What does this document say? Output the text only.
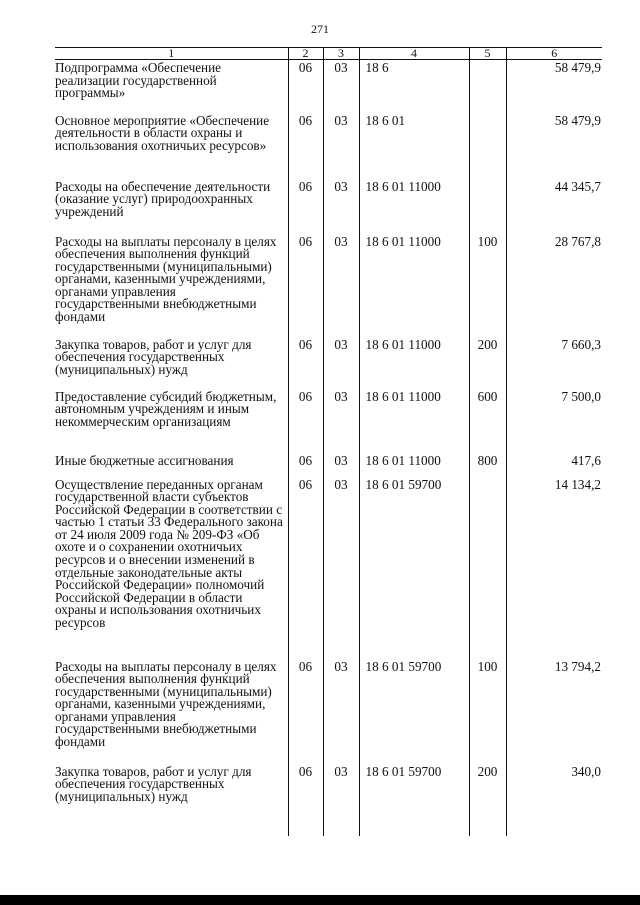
271
1	2	3	4	5	6
Подпрограмма «Обеспечение реализации государственной программы»	06	03	18 6		58 479,9
Основное мероприятие «Обеспечение деятельности в области охраны и использования охотничьих ресурсов»	06	03	18 6 01		58 479,9
Расходы на обеспечение деятельности (оказание услуг) природоохранных учреждений	06	03	18 6 01 11000		44 345,7
Расходы на выплаты персоналу в целях обеспечения выполнения функций государственными (муниципальными) органами, казенными учреждениями, органами управления государственными внебюджетными фондами	06	03	18 6 01 11000	100	28 767,8
Закупка товаров, работ и услуг для обеспечения государственных (муниципальных) нужд	06	03	18 6 01 11000	200	7 660,3
Предоставление субсидий бюджетным, автономным учреждениям и иным некоммерческим организациям	06	03	18 6 01 11000	600	7 500,0
Иные бюджетные ассигнования	06	03	18 6 01 11000	800	417,6
Осуществление переданных органам государственной власти субъектов Российской Федерации в соответствии с частью 1 статьи 33 Федерального закона от 24 июля 2009 года № 209-ФЗ «Об охоте и о сохранении охотничьих ресурсов и о внесении изменений в отдельные законодательные акты Российской Федерации» полномочий Российской Федерации в области охраны и использования охотничьих ресурсов	06	03	18 6 01 59700		14 134,2
Расходы на выплаты персоналу в целях обеспечения выполнения функций государственными (муниципальными) органами, казенными учреждениями, органами управления государственными внебюджетными фондами	06	03	18 6 01 59700	100	13 794,2
Закупка товаров, работ и услуг для обеспечения государственных (муниципальных) нужд	06	03	18 6 01 59700	200	340,0
